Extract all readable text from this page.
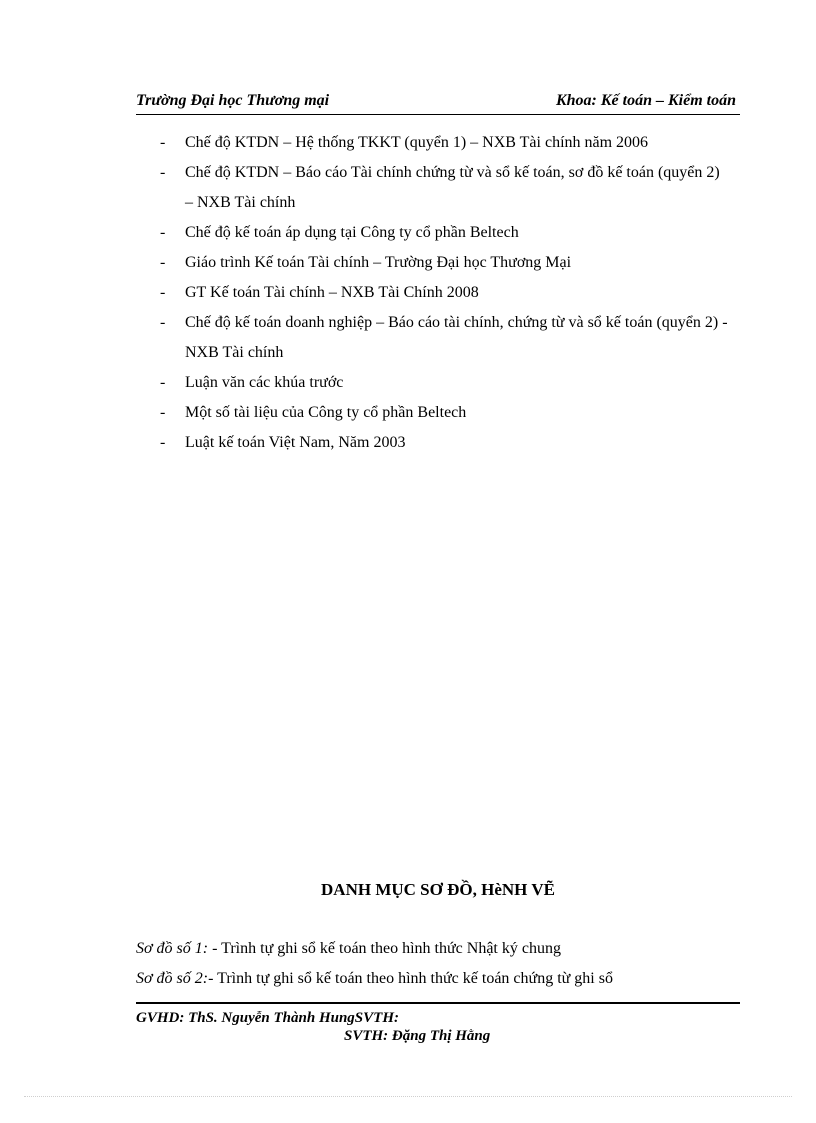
Trường Đại học Thương mại	Khoa: Kế toán – Kiểm toán
- Chế độ KTDN – Hệ thống TKKT (quyển 1) – NXB Tài chính năm 2006
- Chế độ KTDN – Báo cáo Tài chính chứng từ và sổ kế toán, sơ đồ kế toán (quyển 2) – NXB Tài chính
- Chế độ kế toán áp dụng tại Công ty cổ phần Beltech
- Giáo trình Kế toán Tài chính – Trường Đại học Thương Mại
- GT Kế toán Tài chính – NXB Tài Chính 2008
- Chế độ kế toán doanh nghiệp – Báo cáo tài chính, chứng từ và sổ kế toán (quyển 2) - NXB Tài chính
- Luận văn các khúa trước
- Một số tài liệu của Công ty cổ phần Beltech
- Luật kế toán Việt Nam, Năm 2003
DANH MỤC SƠ ĐỒ, HèNH VẼ
Sơ đồ số 1: - Trình tự ghi sổ kế toán theo hình thức Nhật ký chung
Sơ đồ số 2:- Trình tự ghi sổ kế toán theo hình thức kế toán chứng từ ghi sổ
GVHD: ThS. Nguyễn Thành HungSVTH:
SVTH: Đặng Thị Hằng
